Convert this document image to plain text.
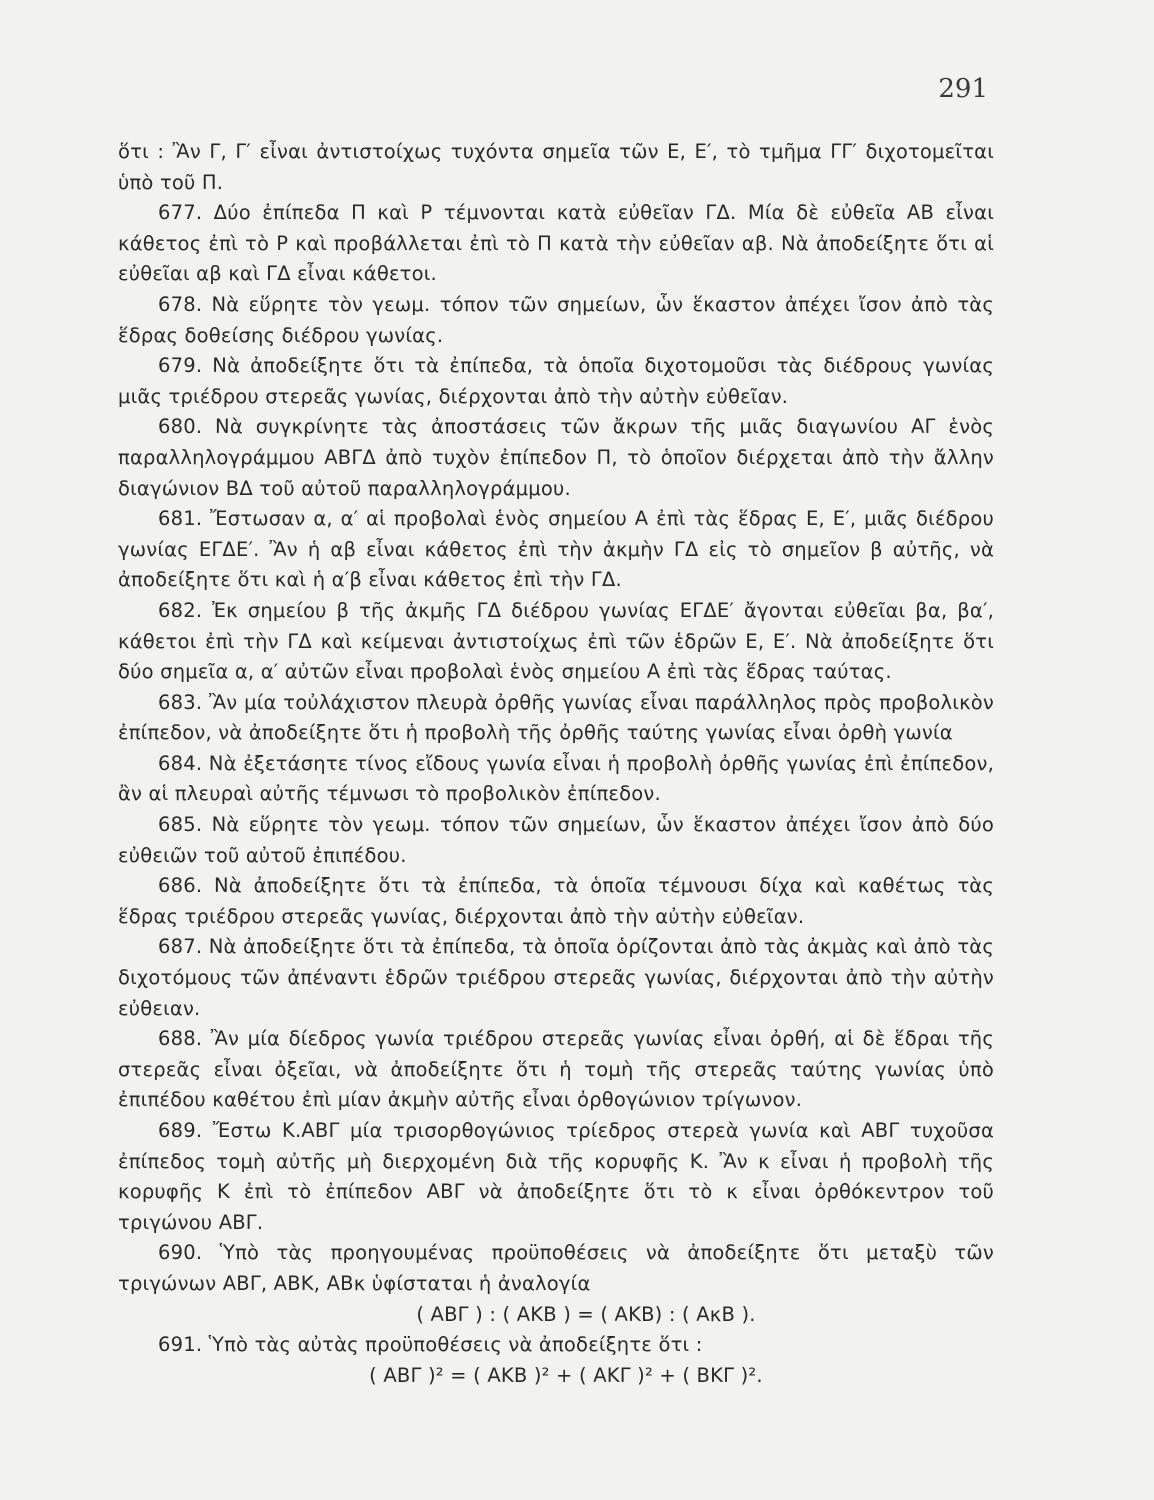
291

ὅτι : Ἂν Γ, Γ′ εἶναι ἀντιστοίχως τυχόντα σημεῖα τῶν Ε, Ε′, τὸ τμῆμα ΓΓ′ διχοτομεῖται ὑπὸ τοῦ Π.

677. Δύο ἐπίπεδα Π καὶ Ρ τέμνονται κατὰ εὐθεῖαν ΓΔ. Μία δὲ εὐθεῖα ΑΒ εἶναι κάθετος ἐπὶ τὸ Ρ καὶ προβάλλεται ἐπὶ τὸ Π κατὰ τὴν εὐθεῖαν αβ. Νὰ ἀποδείξητε ὅτι αἱ εὐθεῖαι αβ καὶ ΓΔ εἶναι κάθετοι.

678. Νὰ εὕρητε τὸν γεωμ. τόπον τῶν σημείων, ὧν ἕκαστον ἀπέχει ἴσον ἀπὸ τὰς ἕδρας δοθείσης διέδρου γωνίας.

679. Νὰ ἀποδείξητε ὅτι τὰ ἐπίπεδα, τὰ ὁποῖα διχοτομοῦσι τὰς διέδρους γωνίας μιᾶς τριέδρου στερεᾶς γωνίας, διέρχονται ἀπὸ τὴν αὐτὴν εὐθεῖαν.

680. Νὰ συγκρίνητε τὰς ἀποστάσεις τῶν ἄκρων τῆς μιᾶς διαγωνίου ΑΓ ἑνὸς παραλληλογράμμου ΑΒΓΔ ἀπὸ τυχὸν ἐπίπεδον Π, τὸ ὁποῖον διέρχεται ἀπὸ τὴν ἄλλην διαγώνιον ΒΔ τοῦ αὐτοῦ παραλληλογράμμου.

681. Ἔστωσαν α, α′ αἱ προβολαὶ ἑνὸς σημείου Α ἐπὶ τὰς ἕδρας Ε, Ε′, μιᾶς διέδρου γωνίας ΕΓΔΕ′. Ἂν ἡ αβ εἶναι κάθετος ἐπὶ τὴν ἀκμὴν ΓΔ εἰς τὸ σημεῖον β αὐτῆς, νὰ ἀποδείξητε ὅτι καὶ ἡ α′β εἶναι κάθετος ἐπὶ τὴν ΓΔ.

682. Ἐκ σημείου β τῆς ἀκμῆς ΓΔ διέδρου γωνίας ΕΓΔΕ′ ἄγονται εὐθεῖαι βα, βα′, κάθετοι ἐπὶ τὴν ΓΔ καὶ κείμεναι ἀντιστοίχως ἐπὶ τῶν ἑδρῶν Ε, Ε′. Νὰ ἀποδείξητε ὅτι δύο σημεῖα α, α′ αὐτῶν εἶναι προβολαὶ ἑνὸς σημείου Α ἐπὶ τὰς ἕδρας ταύτας.

683. Ἂν μία τοὐλάχιστον πλευρὰ ὀρθῆς γωνίας εἶναι παράλληλος πρὸς προβολικὸν ἐπίπεδον, νὰ ἀποδείξητε ὅτι ἡ προβολὴ τῆς ὀρθῆς ταύτης γωνίας εἶναι ὀρθὴ γωνία

684. Νὰ ἐξετάσητε τίνος εἴδους γωνία εἶναι ἡ προβολὴ ὀρθῆς γωνίας ἐπὶ ἐπίπεδον, ἂν αἱ πλευραὶ αὐτῆς τέμνωσι τὸ προβολικὸν ἐπίπεδον.

685. Νὰ εὕρητε τὸν γεωμ. τόπον τῶν σημείων, ὧν ἕκαστον ἀπέχει ἴσον ἀπὸ δύο εὐθειῶν τοῦ αὐτοῦ ἐπιπέδου.

686. Νὰ ἀποδείξητε ὅτι τὰ ἐπίπεδα, τὰ ὁποῖα τέμνουσι δίχα καὶ καθέτως τὰς ἕδρας τριέδρου στερεᾶς γωνίας, διέρχονται ἀπὸ τὴν αὐτὴν εὐθεῖαν.

687. Νὰ ἀποδείξητε ὅτι τὰ ἐπίπεδα, τὰ ὁποῖα ὁρίζονται ἀπὸ τὰς ἀκμὰς καὶ ἀπὸ τὰς διχοτόμους τῶν ἀπέναντι ἑδρῶν τριέδρου στερεᾶς γωνίας, διέρχονται ἀπὸ τὴν αὐτὴν εὐθειαν.

688. Ἂν μία δίεδρος γωνία τριέδρου στερεᾶς γωνίας εἶναι ὀρθή, αἱ δὲ ἕδραι τῆς στερεᾶς εἶναι ὀξεῖαι, νὰ ἀποδείξητε ὅτι ἡ τομὴ τῆς στερεᾶς ταύτης γωνίας ὑπὸ ἐπιπέδου καθέτου ἐπὶ μίαν ἀκμὴν αὐτῆς εἶναι ὀρθογώνιον τρίγωνον.

689. Ἔστω Κ.ΑΒΓ μία τρισορθογώνιος τρίεδρος στερεὰ γωνία καὶ ΑΒΓ τυχοῦσα ἐπίπεδος τομὴ αὐτῆς μὴ διερχομένη διὰ τῆς κορυφῆς Κ. Ἂν κ εἶναι ἡ προβολὴ τῆς κορυφῆς Κ ἐπὶ τὸ ἐπίπεδον ΑΒΓ νὰ ἀποδείξητε ὅτι τὸ κ εἶναι ὀρθόκεντρον τοῦ τριγώνου ΑΒΓ.

690. Ὑπὸ τὰς προηγουμένας προϋποθέσεις νὰ ἀποδείξητε ὅτι μεταξὺ τῶν τριγώνων ΑΒΓ, ΑΒΚ, ΑΒκ ὑφίσταται ἡ ἀναλογία

( ΑΒΓ ) : ( ΑΚΒ ) = ( ΑΚΒ) : ( ΑκΒ ).

691. Ὑπὸ τὰς αὐτὰς προϋποθέσεις νὰ ἀποδείξητε ὅτι :

( ΑΒΓ )² = ( ΑΚΒ )² + ( ΑΚΓ )² + ( ΒΚΓ )².
